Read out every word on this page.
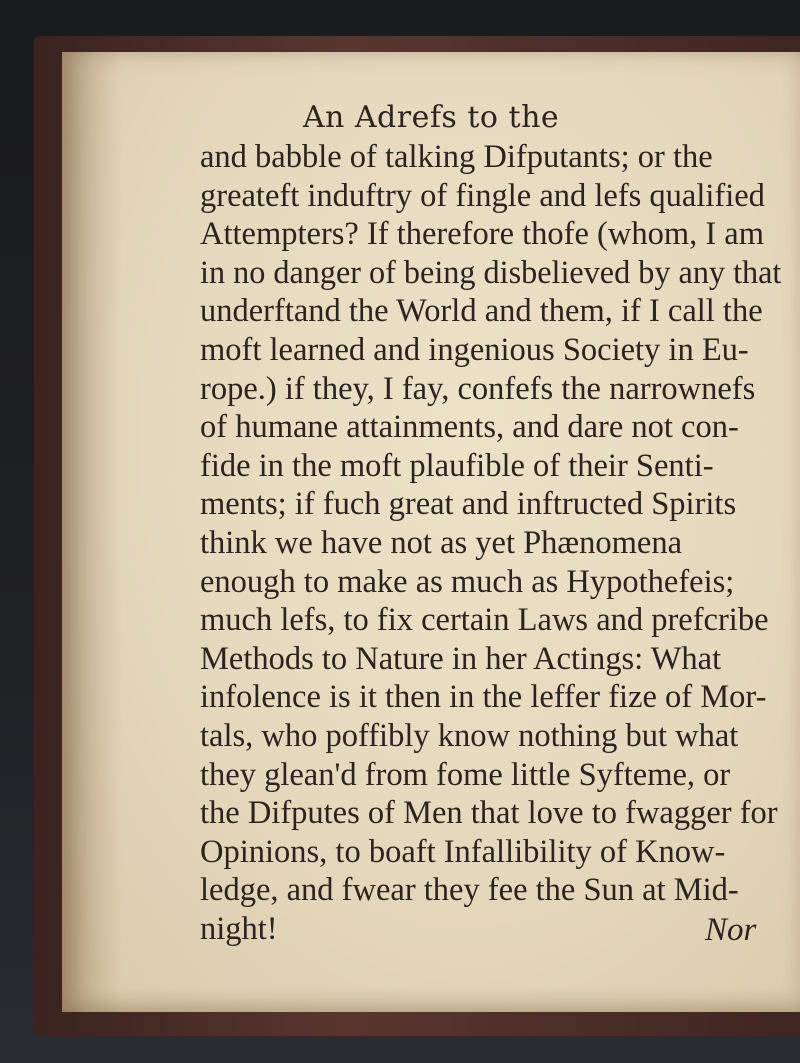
An Adrefs to the
and babble of talking Difputants; or the
greateft induftry of fingle and lefs qualified
Attempters? If therefore thofe (whom, I am
in no danger of being disbelieved by any that
underftand the World and them, if I call the
moft learned and ingenious Society in Eu-
rope.) if they, I fay, confefs the narrownefs
of humane attainments, and dare not con-
fide in the moft plaufible of their Senti-
ments; if fuch great and inftructed Spirits
think we have not as yet Phænomena
enough to make as much as Hypothefeis;
much lefs, to fix certain Laws and prefcribe
Methods to Nature in her Actings: What
infolence is it then in the leffer fize of Mor-
tals, who poffibly know nothing but what
they glean'd from fome little Syfteme, or
the Difputes of Men that love to fwagger for
Opinions, to boaft Infallibility of Know-
ledge, and fwear they fee the Sun at Mid-
night!	Nor
